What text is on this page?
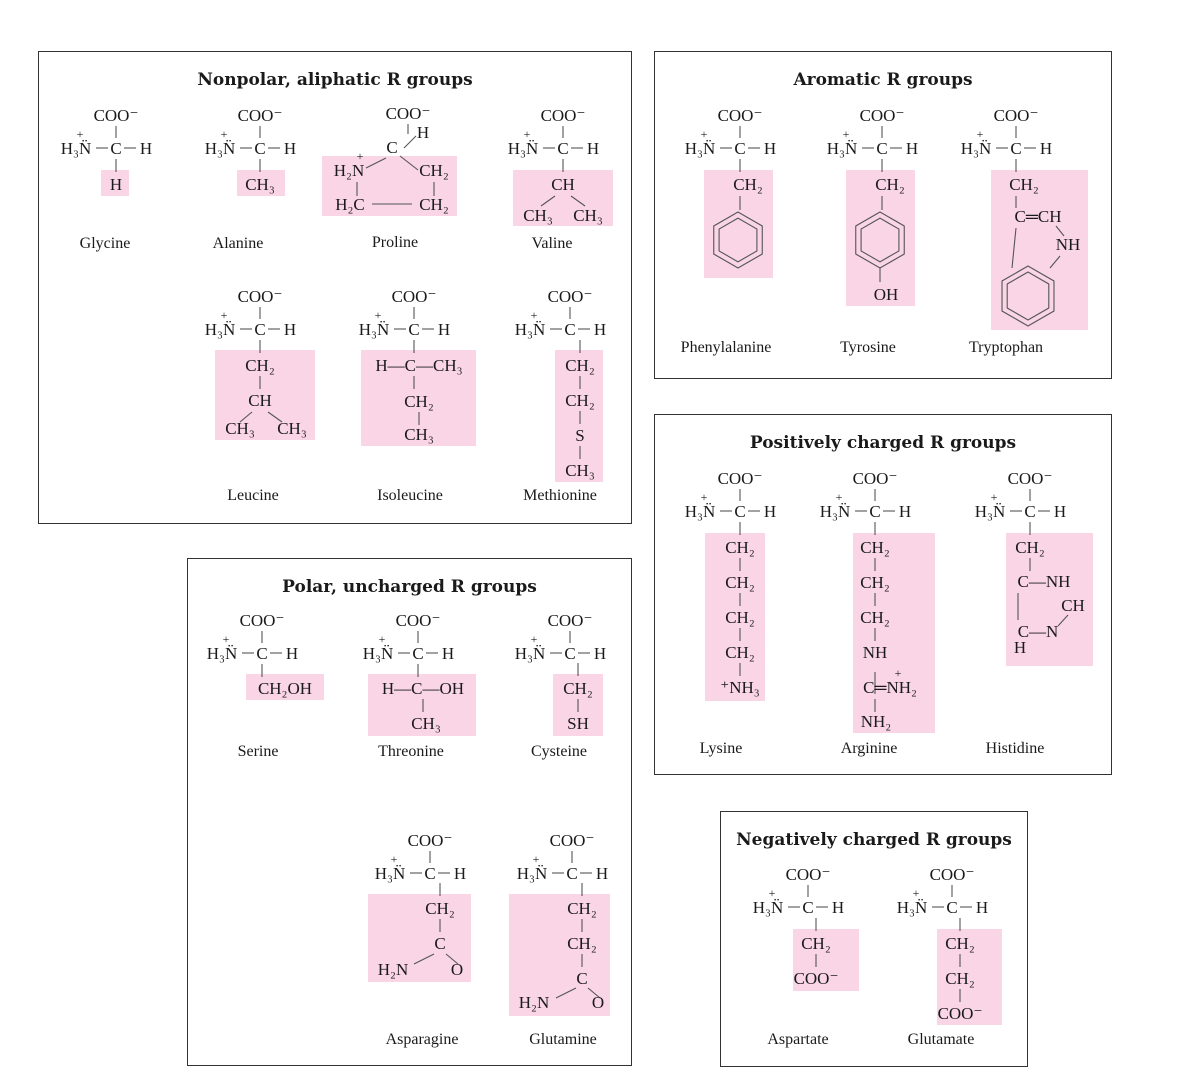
Nonpolar, aliphatic R groups	Aromatic R groups
Positively charged R groups
Polar, uncharged R groups
Negatively charged R groups
COO⁻
H₃N̈
+
C H
H
Glycine
COO⁻
H₃N̈
+
C H
CH₃
Alanine
COO⁻
H
C
H₂N
+
CH₂
H₂C	CH₂
Proline
COO⁻
H₃N̈
+
C H
CH
CH₃ CH₃
Valine
COO⁻
H₃N̈
+
C H
CH₂
CH
CH₃ CH₃
Leucine
COO⁻
H₃N̈
+
C H
H—C—CH₃
CH₂
CH₃
Isoleucine
COO⁻
H₃N̈
+
C H
CH₂
CH₂
S
CH₃
Methionine
COO⁻
H₃N̈
+
C H
CH₂
Phenylalanine
COO⁻
H₃N̈
+
C H
CH₂
OH
Tyrosine
COO⁻
H₃N̈
+
C H
CH₂
C═CH
NH
Tryptophan
COO⁻
H₃N̈
+
C H
CH₂
CH₂
CH₂
CH₂
⁺NH₃
Lysine
COO⁻
H₃N̈
+
C H
CH₂
CH₂
CH₂
NH
C═NH₂
+
NH₂
Arginine
COO⁻
H₃N̈
+
C H
CH₂
C—NH
CH
C—N
H
Histidine
COO⁻
H₃N̈
+
C H
CH₂OH
Serine
COO⁻
H₃N̈
+
C H
H—C—OH
CH₃
Threonine
COO⁻
H₃N̈
+
C H
CH₂
SH
Cysteine
COO⁻
H₃N̈
+
C H
CH₂
C
H₂N	O
Asparagine
COO⁻
H₃N̈
+
C H
CH₂
CH₂
C
H₂N	O
Glutamine
COO⁻
H₃N̈
+
C H
CH₂
COO⁻
Aspartate
COO⁻
H₃N̈
+
C H
CH₂
CH₂
COO⁻
Glutamate
